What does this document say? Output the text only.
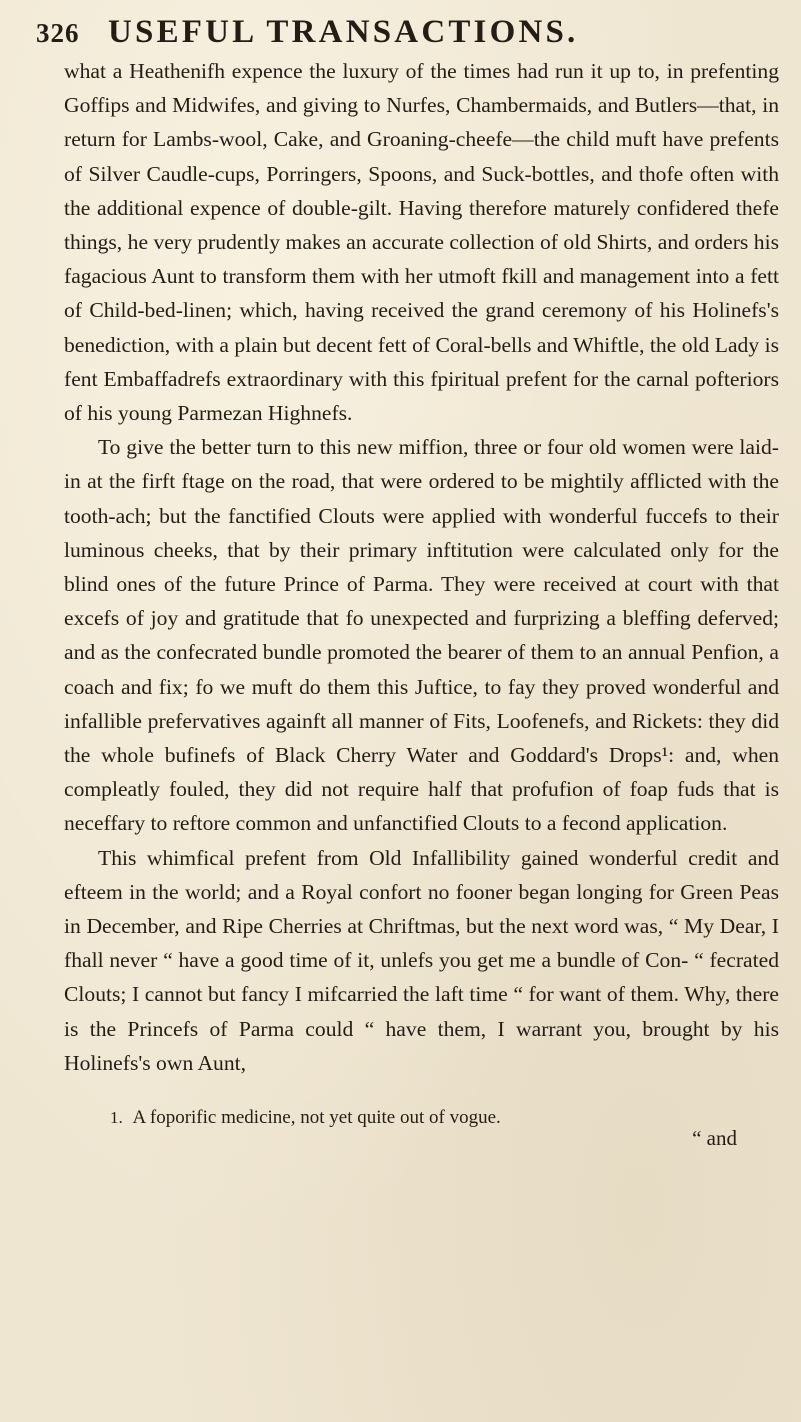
326 USEFUL TRANSACTIONS.

what a Heathenifh expence the luxury of the times had run it up to, in prefenting Goffips and Midwifes, and giving to Nurfes, Chambermaids, and Butlers—that, in return for Lambs-wool, Cake, and Groaning-cheefe—the child muft have prefents of Silver Caudle-cups, Porringers, Spoons, and Suck-bottles, and thofe often with the additional expence of double-gilt. Having therefore maturely confidered thefe things, he very prudently makes an accurate collection of old Shirts, and orders his fagacious Aunt to transform them with her utmoft fkill and management into a fett of Child-bed-linen; which, having received the grand ceremony of his Holinefs's benediction, with a plain but decent fett of Coral-bells and Whiftle, the old Lady is fent Embaffadrefs extraordinary with this fpiritual prefent for the carnal pofteriors of his young Parmezan Highnefs.

To give the better turn to this new miffion, three or four old women were laid-in at the firft ftage on the road, that were ordered to be mightily afflicted with the tooth-ach; but the fanctified Clouts were applied with wonderful fuccefs to their luminous cheeks, that by their primary inftitution were calculated only for the blind ones of the future Prince of Parma. They were received at court with that excefs of joy and gratitude that fo unexpected and furprizing a bleffing deferved; and as the confecrated bundle promoted the bearer of them to an annual Penfion, a coach and fix; fo we muft do them this Juftice, to fay they proved wonderful and infallible prefervatives againft all manner of Fits, Loofenefs, and Rickets: they did the whole bufinefs of Black Cherry Water and Goddard's Drops¹: and, when compleatly fouled, they did not require half that profufion of foap fuds that is neceffary to reftore common and unfanctified Clouts to a fecond application.

This whimfical prefent from Old Infallibility gained wonderful credit and efteem in the world; and a Royal confort no fooner began longing for Green Peas in December, and Ripe Cherries at Chriftmas, but the next word was, “ My Dear, I fhall never “ have a good time of it, unlefs you get me a bundle of Con- “ fecrated Clouts; I cannot but fancy I mifcarried the laft time “ for want of them. Why, there is the Princefs of Parma could “ have them, I warrant you, brought by his Holinefs's own Aunt,

1. A foporific medicine, not yet quite out of vogue.
“ and
